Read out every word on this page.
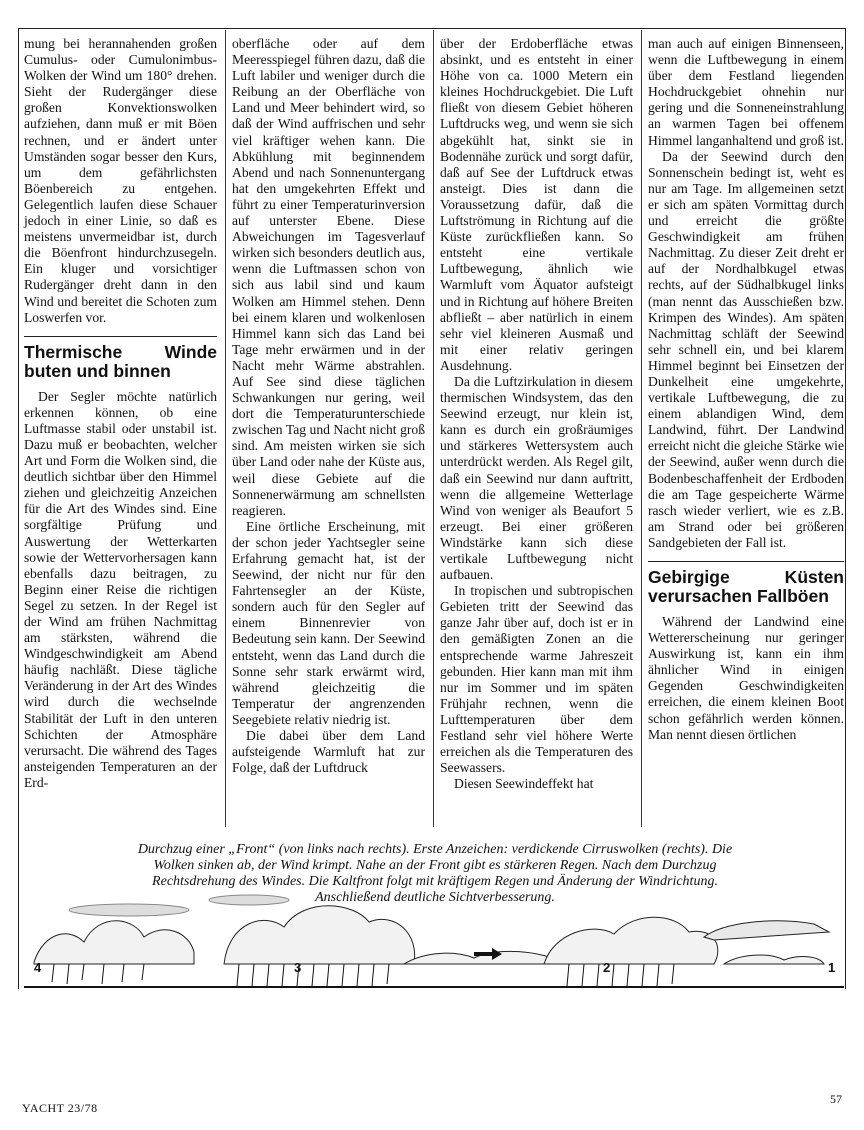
mung bei herannahenden großen Cumulus- oder Cumulonimbus-Wolken der Wind um 180° drehen. Sieht der Rudergänger diese großen Konvektionswolken aufziehen, dann muß er mit Böen rechnen, und er ändert unter Umständen sogar besser den Kurs, um dem gefährlichsten Böenbereich zu entgehen. Gelegentlich laufen diese Schauer jedoch in einer Linie, so daß es meistens unvermeidbar ist, durch die Böenfront hindurchzusegeln. Ein kluger und vorsichtiger Rudergänger dreht dann in den Wind und bereitet die Schoten zum Loswerfen vor.

Thermische Winde buten und binnen

Der Segler möchte natürlich erkennen können, ob eine Luftmasse stabil oder unstabil ist. Dazu muß er beobachten, welcher Art und Form die Wolken sind, die deutlich sichtbar über den Himmel ziehen und gleichzeitig Anzeichen für die Art des Windes sind. Eine sorgfältige Prüfung und Auswertung der Wetterkarten sowie der Wettervorhersagen kann ebenfalls dazu beitragen, zu Beginn einer Reise die richtigen Segel zu setzen. In der Regel ist der Wind am frühen Nachmittag am stärksten, während die Windgeschwindigkeit am Abend häufig nachläßt. Diese tägliche Veränderung in der Art des Windes wird durch die wechselnde Stabilität der Luft in den unteren Schichten der Atmosphäre verursacht. Die während des Tages ansteigenden Temperaturen an der Erd-

oberfläche oder auf dem Meeresspiegel führen dazu, daß die Luft labiler und weniger durch die Reibung an der Oberfläche von Land und Meer behindert wird, so daß der Wind auffrischen und sehr viel kräftiger wehen kann. Die Abkühlung mit beginnendem Abend und nach Sonnenuntergang hat den umgekehrten Effekt und führt zu einer Temperaturinversion auf unterster Ebene. Diese Abweichungen im Tagesverlauf wirken sich besonders deutlich aus, wenn die Luftmassen schon von sich aus labil sind und kaum Wolken am Himmel stehen. Denn bei einem klaren und wolkenlosen Himmel kann sich das Land bei Tage mehr erwärmen und in der Nacht mehr Wärme abstrahlen. Auf See sind diese täglichen Schwankungen nur gering, weil dort die Temperaturunterschiede zwischen Tag und Nacht nicht groß sind. Am meisten wirken sie sich über Land oder nahe der Küste aus, weil diese Gebiete auf die Sonnenerwärmung am schnellsten reagieren.

Eine örtliche Erscheinung, mit der schon jeder Yachtsegler seine Erfahrung gemacht hat, ist der Seewind, der nicht nur für den Fahrtensegler an der Küste, sondern auch für den Segler auf einem Binnenrevier von Bedeutung sein kann. Der Seewind entsteht, wenn das Land durch die Sonne sehr stark erwärmt wird, während gleichzeitig die Temperatur der angrenzenden Seegebiete relativ niedrig ist.

Die dabei über dem Land aufsteigende Warmluft hat zur Folge, daß der Luftdruck

über der Erdoberfläche etwas absinkt, und es entsteht in einer Höhe von ca. 1000 Metern ein kleines Hochdruckgebiet. Die Luft fließt von diesem Gebiet höheren Luftdrucks weg, und wenn sie sich abgekühlt hat, sinkt sie in Bodennähe zurück und sorgt dafür, daß auf See der Luftdruck etwas ansteigt. Dies ist dann die Voraussetzung dafür, daß die Luftströmung in Richtung auf die Küste zurückfließen kann. So entsteht eine vertikale Luftbewegung, ähnlich wie Warmluft vom Äquator aufsteigt und in Richtung auf höhere Breiten abfließt – aber natürlich in einem sehr viel kleineren Ausmaß und mit einer relativ geringen Ausdehnung.

Da die Luftzirkulation in diesem thermischen Windsystem, das den Seewind erzeugt, nur klein ist, kann es durch ein großräumiges und stärkeres Wettersystem auch unterdrückt werden. Als Regel gilt, daß ein Seewind nur dann auftritt, wenn die allgemeine Wetterlage Wind von weniger als Beaufort 5 erzeugt. Bei einer größeren Windstärke kann sich diese vertikale Luftbewegung nicht aufbauen.

In tropischen und subtropischen Gebieten tritt der Seewind das ganze Jahr über auf, doch ist er in den gemäßigten Zonen an die entsprechende warme Jahreszeit gebunden. Hier kann man mit ihm nur im Sommer und im späten Frühjahr rechnen, wenn die Lufttemperaturen über dem Festland sehr viel höhere Werte erreichen als die Temperaturen des Seewassers.

Diesen Seewindeffekt hat

man auch auf einigen Binnenseen, wenn die Luftbewegung in einem über dem Festland liegenden Hochdruckgebiet ohnehin nur gering und die Sonneneinstrahlung an warmen Tagen bei offenem Himmel langanhaltend und groß ist.

Da der Seewind durch den Sonnenschein bedingt ist, weht es nur am Tage. Im allgemeinen setzt er sich am späten Vormittag durch und erreicht die größte Geschwindigkeit am frühen Nachmittag. Zu dieser Zeit dreht er auf der Nordhalbkugel etwas rechts, auf der Südhalbkugel links (man nennt das Ausschießen bzw. Krimpen des Windes). Am späten Nachmittag schläft der Seewind sehr schnell ein, und bei klarem Himmel beginnt bei Einsetzen der Dunkelheit eine umgekehrte, vertikale Luftbewegung, die zu einem ablandigen Wind, dem Landwind, führt. Der Landwind erreicht nicht die gleiche Stärke wie der Seewind, außer wenn durch die Bodenbeschaffenheit der Erdboden die am Tage gespeicherte Wärme rasch wieder verliert, wie es z.B. am Strand oder bei größeren Sandgebieten der Fall ist.

Gebirgige Küsten verursachen Fallböen

Während der Landwind eine Wettererscheinung nur geringer Auswirkung ist, kann ein ihm ähnlicher Wind in einigen Gegenden Geschwindigkeiten erreichen, die einem kleinen Boot schon gefährlich werden können. Man nennt diesen örtlichen

Durchzug einer „Front“ (von links nach rechts). Erste Anzeichen: verdickende Cirruswolken (rechts). Die Wolken sinken ab, der Wind krimpt. Nahe an der Front gibt es stärkeren Regen. Nach dem Durchzug Rechtsdrehung des Windes. Die Kaltfront folgt mit kräftigem Regen und Änderung der Windrichtung. Anschließend deutliche Sichtverbesserung.
4	3	2	1
YACHT 23/78
57
